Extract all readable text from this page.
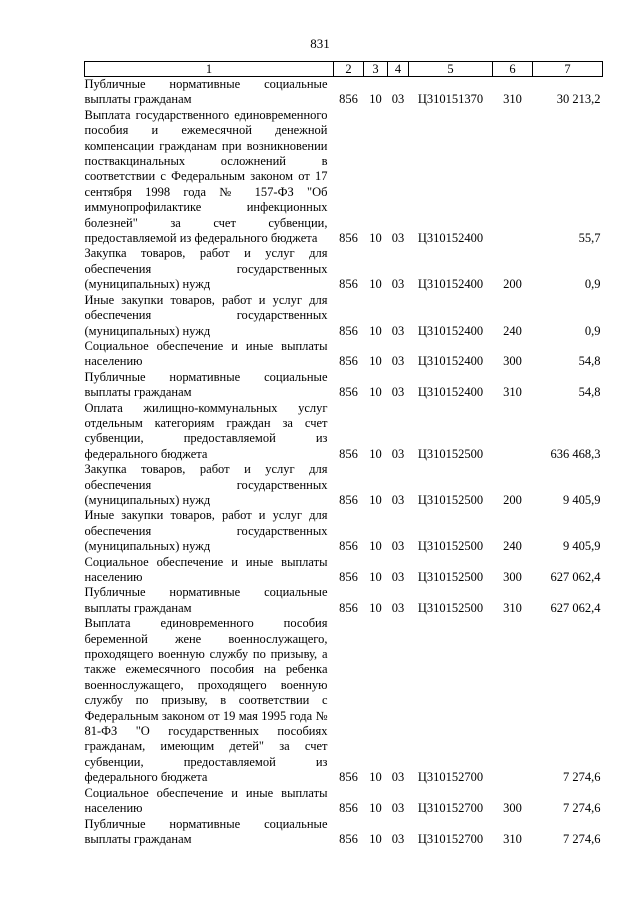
831
1	2	3	4	5	6	7
Публичные нормативные социальные выплаты гражданам	856	10	03	Ц310151370	310	30 213,2
Выплата государственного единовременного пособия и ежемесячной денежной компенсации гражданам при возникновении поствакцинальных осложнений в соответствии с Федеральным законом от 17 сентября 1998 года № 157-ФЗ "Об иммунопрофилактике инфекционных болезней" за счет субвенции, предоставляемой из федерального бюджета	856	10	03	Ц310152400		55,7
Закупка товаров, работ и услуг для обеспечения государственных (муниципальных) нужд	856	10	03	Ц310152400	200	0,9
Иные закупки товаров, работ и услуг для обеспечения государственных (муниципальных) нужд	856	10	03	Ц310152400	240	0,9
Социальное обеспечение и иные выплаты населению	856	10	03	Ц310152400	300	54,8
Публичные нормативные социальные выплаты гражданам	856	10	03	Ц310152400	310	54,8
Оплата жилищно-коммунальных услуг отдельным категориям граждан за счет субвенции, предоставляемой из федерального бюджета	856	10	03	Ц310152500		636 468,3
Закупка товаров, работ и услуг для обеспечения государственных (муниципальных) нужд	856	10	03	Ц310152500	200	9 405,9
Иные закупки товаров, работ и услуг для обеспечения государственных (муниципальных) нужд	856	10	03	Ц310152500	240	9 405,9
Социальное обеспечение и иные выплаты населению	856	10	03	Ц310152500	300	627 062,4
Публичные нормативные социальные выплаты гражданам	856	10	03	Ц310152500	310	627 062,4
Выплата единовременного пособия беременной жене военнослужащего, проходящего военную службу по призыву, а также ежемесячного пособия на ребенка военнослужащего, проходящего военную службу по призыву, в соответствии с Федеральным законом от 19 мая 1995 года № 81-ФЗ "О государственных пособиях гражданам, имеющим детей" за счет субвенции, предоставляемой из федерального бюджета	856	10	03	Ц310152700		7 274,6
Социальное обеспечение и иные выплаты населению	856	10	03	Ц310152700	300	7 274,6
Публичные нормативные социальные выплаты гражданам	856	10	03	Ц310152700	310	7 274,6
